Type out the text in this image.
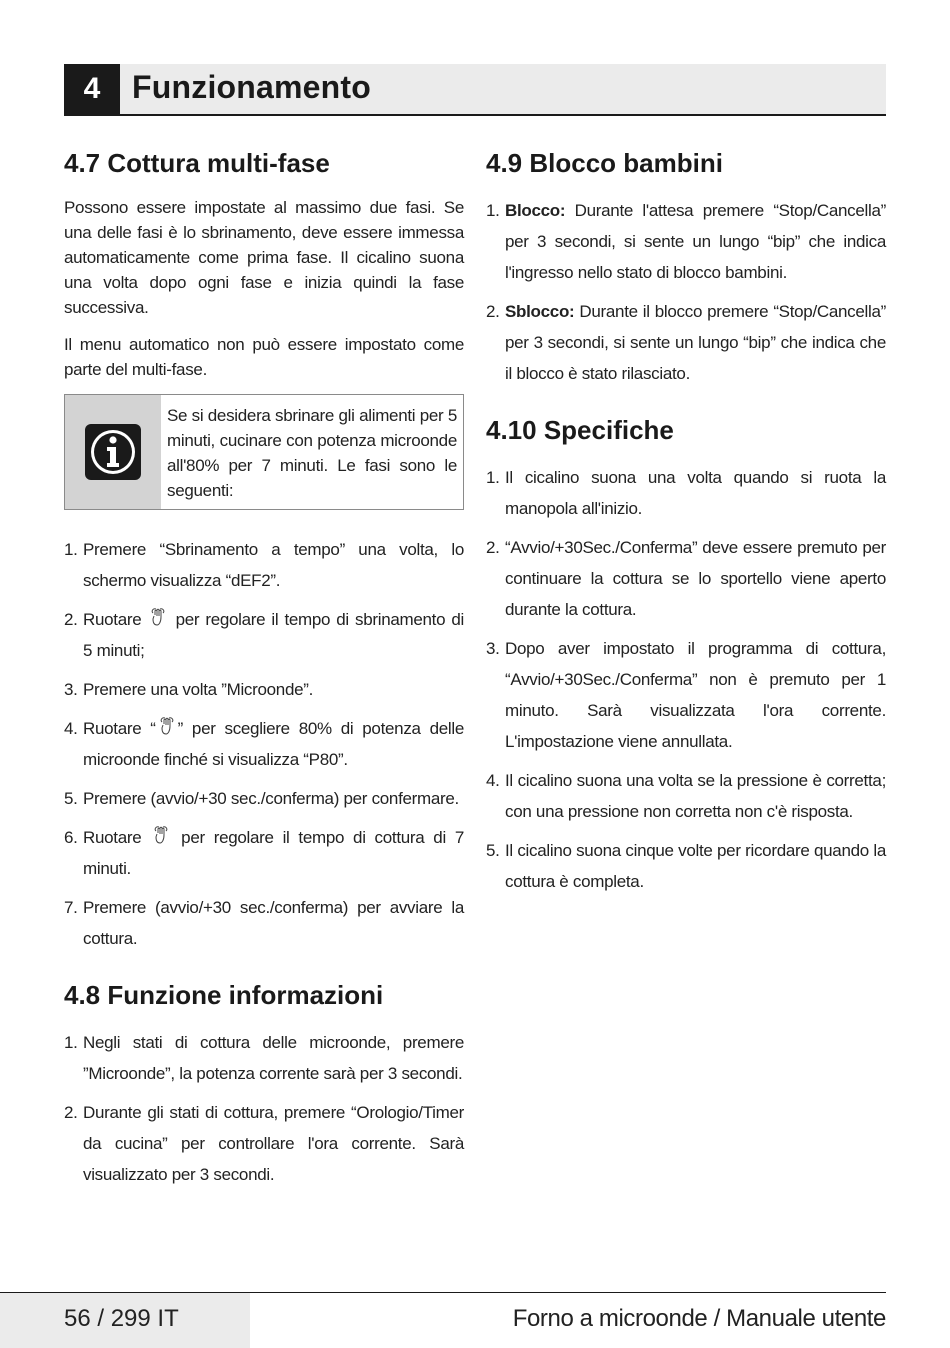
4 Funzionamento
4.7 Cottura multi-fase

Possono essere impostate al massimo due fasi. Se una delle fasi è lo sbrinamento, deve essere immessa automaticamente come prima fase. Il cicalino suona una volta dopo ogni fase e inizia quindi la fase successiva.

Il menu automatico non può essere impostato come parte del multi-fase.

Se si desidera sbrinare gli alimenti per 5 minuti, cucinare con potenza microonde all'80% per 7 minuti. Le fasi sono le seguenti:
1. Premere “Sbrinamento a tempo” una volta, lo schermo visualizza “dEF2”.
2. Ruotare per regolare il tempo di sbrinamento di 5 minuti;
3. Premere una volta ”Microonde”.
4. Ruotare “ ” per scegliere 80% di potenza delle microonde finché si visualizza “P80”.
5. Premere (avvio/+30 sec./conferma) per confermare.
6. Ruotare per regolare il tempo di cottura di 7 minuti.
7. Premere (avvio/+30 sec./conferma) per avviare la cottura.
4.8 Funzione informazioni
1. Negli stati di cottura delle microonde, premere ”Microonde”, la potenza corrente sarà per 3 secondi.
2. Durante gli stati di cottura, premere “Orologio/Timer da cucina” per controllare l'ora corrente. Sarà visualizzato per 3 secondi.
4.9 Blocco bambini
1. Blocco: Durante l'attesa premere “Stop/Cancella” per 3 secondi, si sente un lungo “bip” che indica l'ingresso nello stato di blocco bambini.
2. Sblocco: Durante il blocco premere “Stop/Cancella” per 3 secondi, si sente un lungo “bip” che indica che il blocco è stato rilasciato.
4.10 Specifiche
1. Il cicalino suona una volta quando si ruota la manopola all'inizio.
2. “Avvio/+30Sec./Conferma” deve essere premuto per continuare la cottura se lo sportello viene aperto durante la cottura.
3. Dopo aver impostato il programma di cottura, “Avvio/+30Sec./Conferma” non è premuto per 1 minuto. Sarà visualizzata l'ora corrente. L'impostazione viene annullata.
4. Il cicalino suona una volta se la pressione è corretta; con una pressione non corretta non c'è risposta.
5. Il cicalino suona cinque volte per ricordare quando la cottura è completa.
56 / 299 IT	Forno a microonde / Manuale utente
